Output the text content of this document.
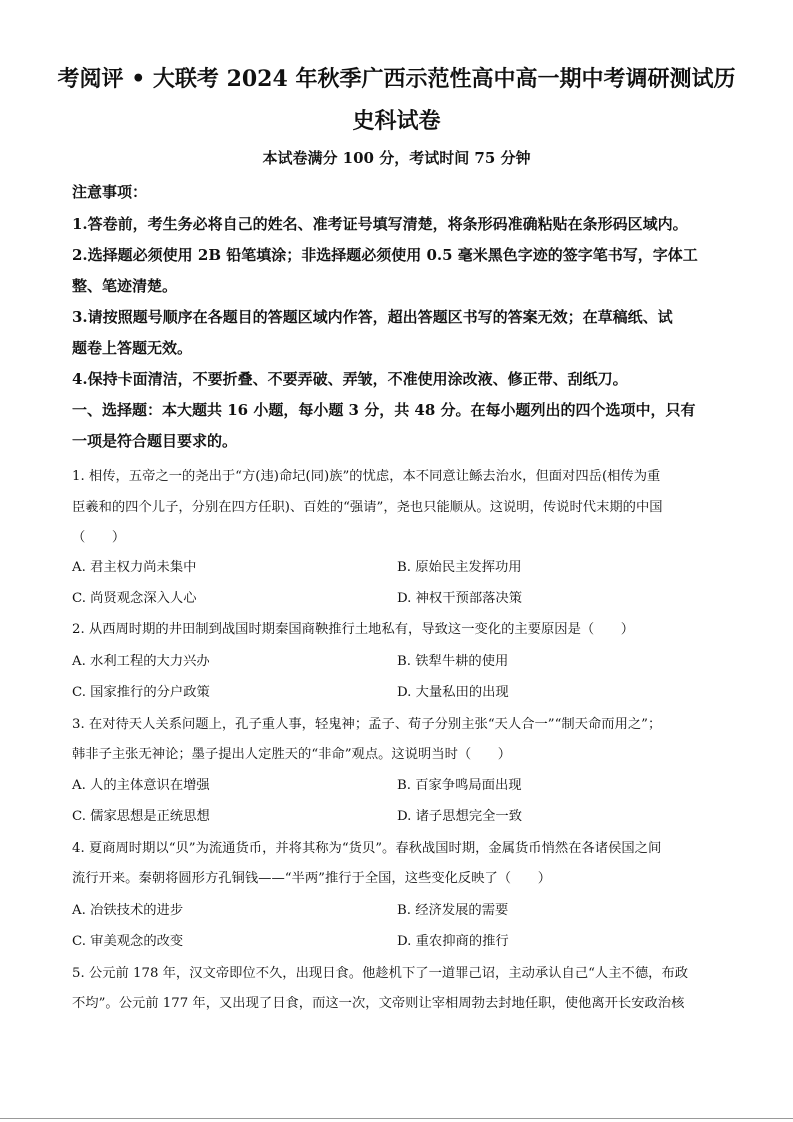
考阅评 • 大联考 2024 年秋季广西示范性高中高一期中考调研测试历
史科试卷
本试卷满分 100 分，考试时间 75 分钟
注意事项：
1.答卷前，考生务必将自己的姓名、准考证号填写清楚，将条形码准确粘贴在条形码区域内。
2.选择题必须使用 2B 铅笔填涂；非选择题必须使用 0.5 毫米黑色字迹的签字笔书写，字体工
整、笔迹清楚。
3.请按照题号顺序在各题目的答题区域内作答，超出答题区书写的答案无效；在草稿纸、试
题卷上答题无效。
4.保持卡面清洁，不要折叠、不要弄破、弄皱，不准使用涂改液、修正带、刮纸刀。
一、选择题：本大题共 16 小题，每小题 3 分，共 48 分。在每小题列出的四个选项中，只有
一项是符合题目要求的。
1. 相传，五帝之一的尧出于“方(违)命圮(同)族”的忧虑，本不同意让鲧去治水，但面对四岳(相传为重
臣羲和的四个儿子，分别在四方任职)、百姓的“强请”，尧也只能顺从。这说明，传说时代末期的中国
（　　）
A. 君主权力尚未集中	B. 原始民主发挥功用
C. 尚贤观念深入人心	D. 神权干预部落决策
2. 从西周时期的井田制到战国时期秦国商鞅推行土地私有，导致这一变化的主要原因是（　　）
A. 水利工程的大力兴办	B. 铁犁牛耕的使用
C. 国家推行的分户政策	D. 大量私田的出现
3. 在对待天人关系问题上，孔子重人事，轻鬼神；孟子、荀子分别主张“天人合一”“制天命而用之”；
韩非子主张无神论；墨子提出人定胜天的“非命”观点。这说明当时（　　）
A. 人的主体意识在增强	B. 百家争鸣局面出现
C. 儒家思想是正统思想	D. 诸子思想完全一致
4. 夏商周时期以“贝”为流通货币，并将其称为“货贝”。春秋战国时期，金属货币悄然在各诸侯国之间
流行开来。秦朝将圆形方孔铜钱——“半两”推行于全国，这些变化反映了（　　）
A. 冶铁技术的进步	B. 经济发展的需要
C. 审美观念的改变	D. 重农抑商的推行
5. 公元前 178 年，汉文帝即位不久，出现日食。他趁机下了一道罪己诏，主动承认自己“人主不德，布政
不均”。公元前 177 年，又出现了日食，而这一次，文帝则让宰相周勃去封地任职，使他离开长安政治核
